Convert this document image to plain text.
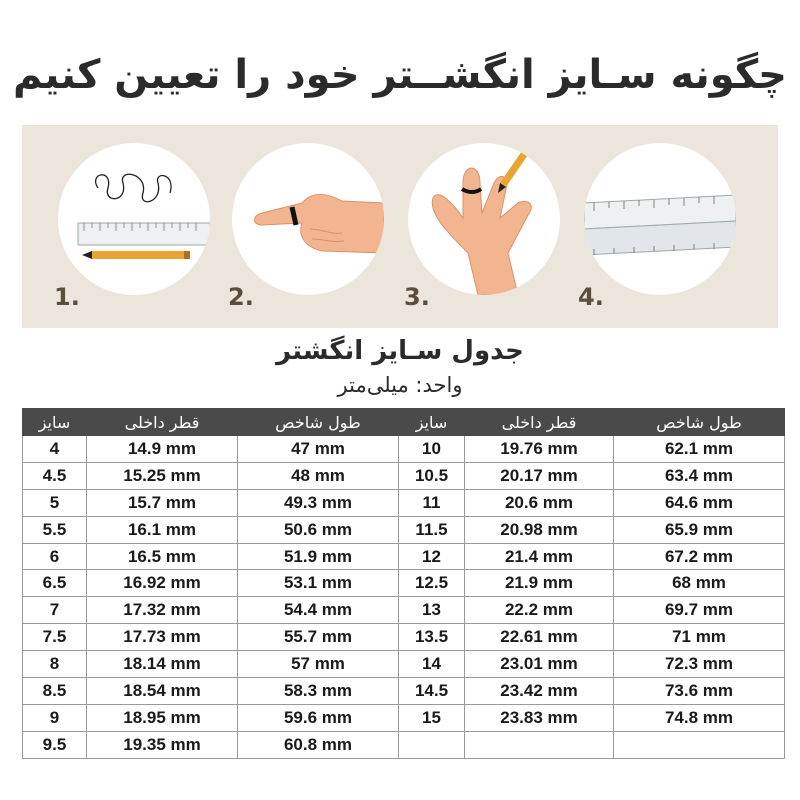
چگونه سـایز انگشــتر خود را تعیین کنیم
1.	2.	3.	4.
جدول سـایز انگشتر
واحد: میلی‌متر
سایز	قطر داخلی	طول شاخص	سایز	قطر داخلی	طول شاخص
4	14.9 mm	47 mm	10	19.76 mm	62.1 mm
4.5	15.25 mm	48 mm	10.5	20.17 mm	63.4 mm
5	15.7 mm	49.3 mm	11	20.6 mm	64.6 mm
5.5	16.1 mm	50.6 mm	11.5	20.98 mm	65.9 mm
6	16.5 mm	51.9 mm	12	21.4 mm	67.2 mm
6.5	16.92 mm	53.1 mm	12.5	21.9 mm	68 mm
7	17.32 mm	54.4 mm	13	22.2 mm	69.7 mm
7.5	17.73 mm	55.7 mm	13.5	22.61 mm	71 mm
8	18.14 mm	57 mm	14	23.01 mm	72.3 mm
8.5	18.54 mm	58.3 mm	14.5	23.42 mm	73.6 mm
9	18.95 mm	59.6 mm	15	23.83 mm	74.8 mm
9.5	19.35 mm	60.8 mm			
